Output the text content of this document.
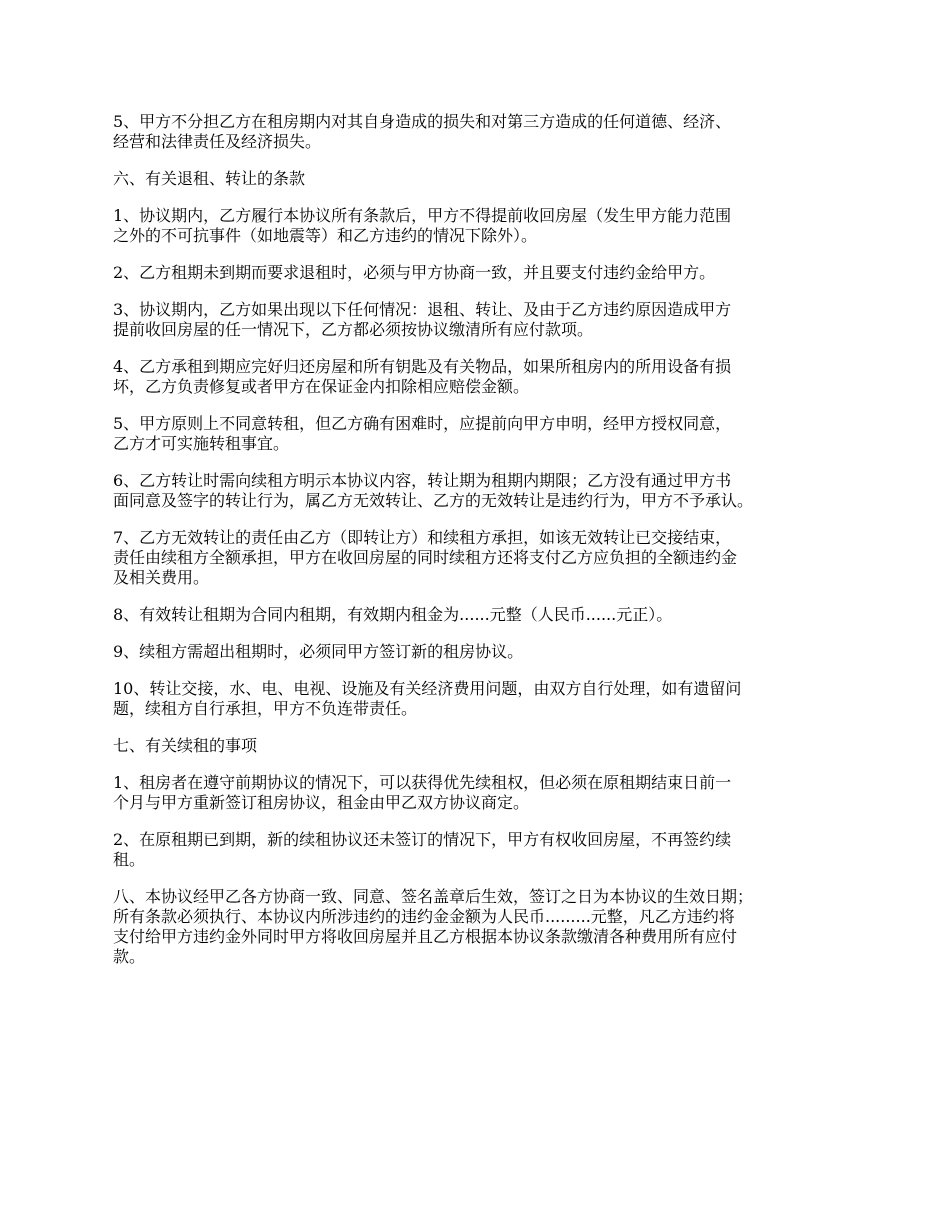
5、甲方不分担乙方在租房期内对其自身造成的损失和对第三方造成的任何道德、经济、
经营和法律责任及经济损失。

六、有关退租、转让的条款

1、协议期内，乙方履行本协议所有条款后，甲方不得提前收回房屋（发生甲方能力范围
之外的不可抗事件（如地震等）和乙方违约的情况下除外）。

2、乙方租期未到期而要求退租时，必须与甲方协商一致，并且要支付违约金给甲方。

3、协议期内，乙方如果出现以下任何情况：退租、转让、及由于乙方违约原因造成甲方
提前收回房屋的任一情况下，乙方都必须按协议缴清所有应付款项。

4、乙方承租到期应完好归还房屋和所有钥匙及有关物品，如果所租房内的所用设备有损
坏，乙方负责修复或者甲方在保证金内扣除相应赔偿金额。

5、甲方原则上不同意转租，但乙方确有困难时，应提前向甲方申明，经甲方授权同意，
乙方才可实施转租事宜。

6、乙方转让时需向续租方明示本协议内容，转让期为租期内期限；乙方没有通过甲方书
面同意及签字的转让行为，属乙方无效转让、乙方的无效转让是违约行为，甲方不予承认。

7、乙方无效转让的责任由乙方（即转让方）和续租方承担，如该无效转让已交接结束，
责任由续租方全额承担，甲方在收回房屋的同时续租方还将支付乙方应负担的全额违约金
及相关费用。

8、有效转让租期为合同内租期，有效期内租金为......元整（人民币......元正）。

9、续租方需超出租期时，必须同甲方签订新的租房协议。

10、转让交接，水、电、电视、设施及有关经济费用问题，由双方自行处理，如有遗留问
题，续租方自行承担，甲方不负连带责任。

七、有关续租的事项

1、租房者在遵守前期协议的情况下，可以获得优先续租权，但必须在原租期结束日前一
个月与甲方重新签订租房协议，租金由甲乙双方协议商定。

2、在原租期已到期，新的续租协议还未签订的情况下，甲方有权收回房屋，不再签约续
租。

八、本协议经甲乙各方协商一致、同意、签名盖章后生效，签订之日为本协议的生效日期；
所有条款必须执行、本协议内所涉违约的违约金金额为人民币.........元整，凡乙方违约将
支付给甲方违约金外同时甲方将收回房屋并且乙方根据本协议条款缴清各种费用所有应付
款。
